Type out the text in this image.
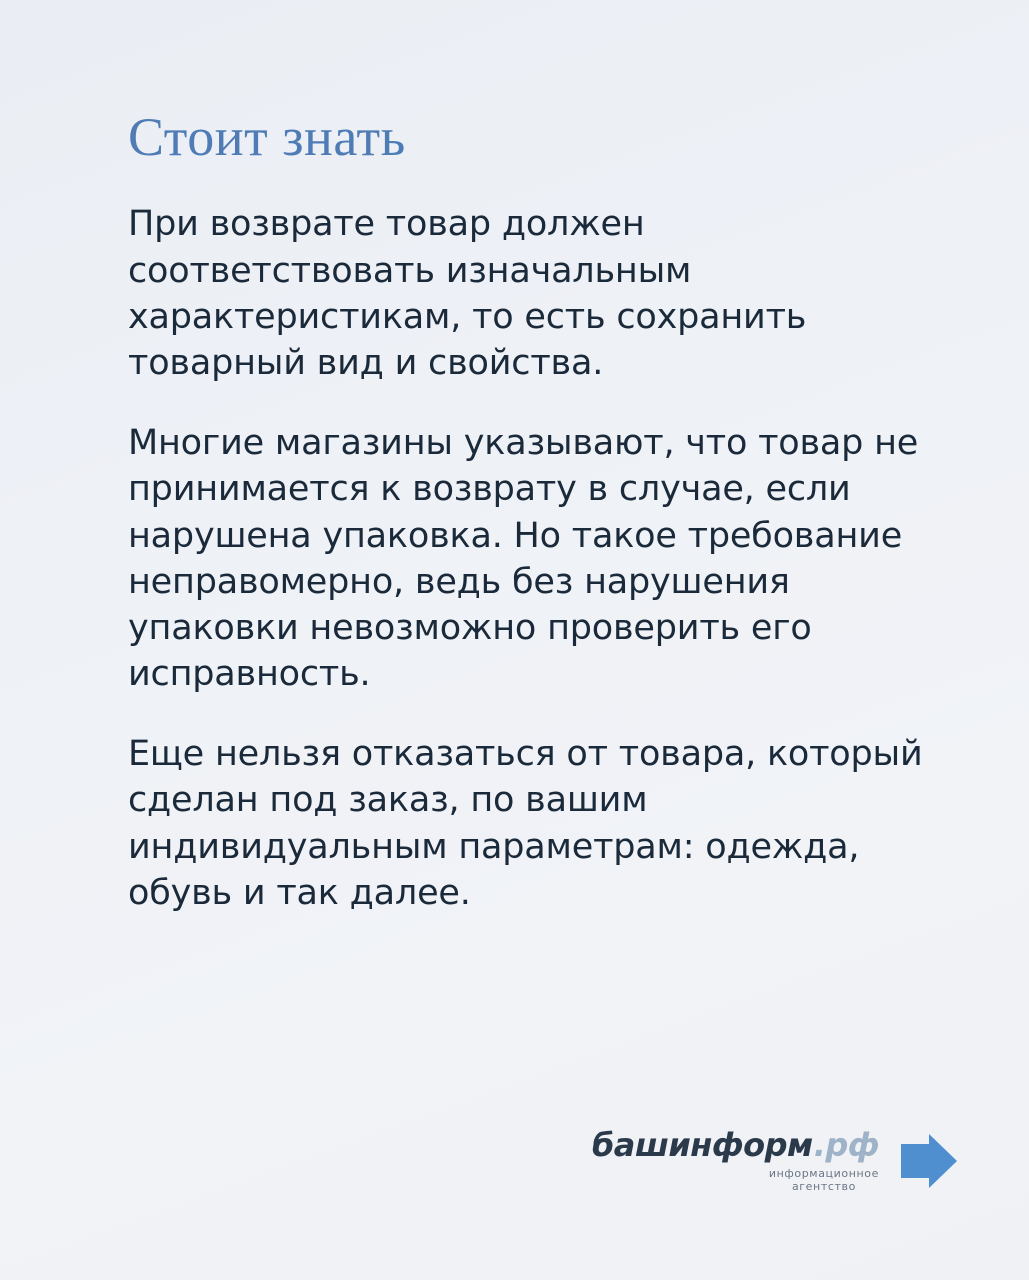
Стоит знать

При возврате товар должен соответствовать изначальным характеристикам, то есть сохранить товарный вид и свойства.

Многие магазины указывают, что товар не принимается к возврату в случае, если нарушена упаковка. Но такое требование неправомерно, ведь без нарушения упаковки невозможно проверить его исправность.

Еще нельзя отказаться от товара, который сделан под заказ, по вашим индивидуальным параметрам: одежда, обувь и так далее.

башинформ .рф
информационное
агентство
